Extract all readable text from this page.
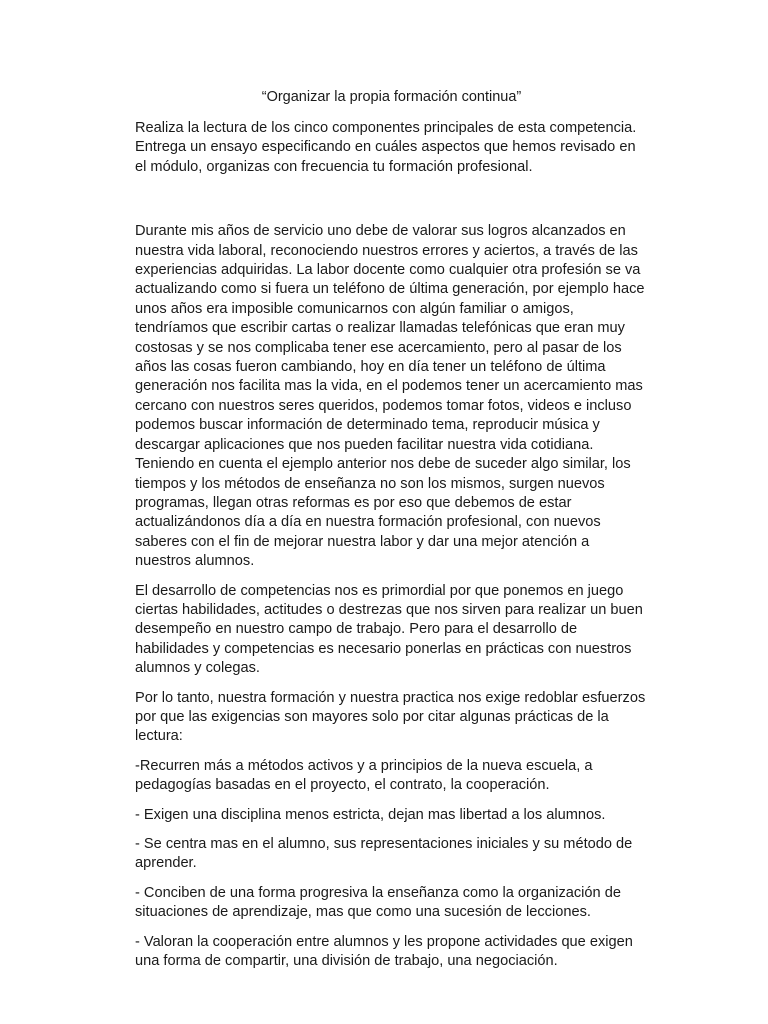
“Organizar la propia formación continua”

Realiza la lectura de los cinco componentes principales de esta competencia. Entrega un ensayo especificando en cuáles aspectos que hemos revisado en el módulo, organizas con frecuencia tu formación profesional.

Durante mis años de servicio uno debe de valorar sus logros alcanzados en nuestra vida laboral, reconociendo nuestros errores y aciertos, a través de las experiencias adquiridas. La labor docente como cualquier otra profesión se va actualizando como si fuera un teléfono de última generación, por ejemplo hace unos años era imposible comunicarnos con algún familiar o amigos, tendríamos que escribir cartas o realizar llamadas telefónicas que eran muy costosas y se nos complicaba tener ese acercamiento, pero al pasar de los años las cosas fueron cambiando, hoy en día tener un teléfono de última generación nos facilita mas la vida, en el podemos tener un acercamiento mas cercano con nuestros seres queridos, podemos tomar fotos, videos e incluso podemos buscar información de determinado tema, reproducir música y descargar aplicaciones que nos pueden facilitar nuestra vida cotidiana. Teniendo en cuenta el ejemplo anterior nos debe de suceder algo similar, los tiempos y los métodos de enseñanza no son los mismos, surgen nuevos programas, llegan otras reformas es por eso que debemos de estar actualizándonos día a día en nuestra formación profesional, con nuevos saberes con el fin de mejorar nuestra labor y dar una mejor atención a nuestros alumnos.

El desarrollo de competencias nos es primordial por que ponemos en juego ciertas habilidades, actitudes o destrezas que nos sirven para realizar un buen desempeño en nuestro campo de trabajo. Pero para el desarrollo de habilidades y competencias es necesario ponerlas en prácticas con nuestros alumnos y colegas.

Por lo tanto, nuestra formación y nuestra practica nos exige redoblar esfuerzos por que las exigencias son mayores solo por citar algunas prácticas de la lectura:

-Recurren más a métodos activos y a principios de la nueva escuela, a pedagogías basadas en el proyecto, el contrato, la cooperación.

- Exigen una disciplina menos estricta, dejan mas libertad a los alumnos.

- Se centra mas en el alumno, sus representaciones iniciales y su método de aprender.

- Conciben de una forma progresiva la enseñanza como la organización de situaciones de aprendizaje, mas que como una sucesión de lecciones.

- Valoran la cooperación entre alumnos y les propone actividades que exigen una forma de compartir, una división de trabajo, una negociación.
